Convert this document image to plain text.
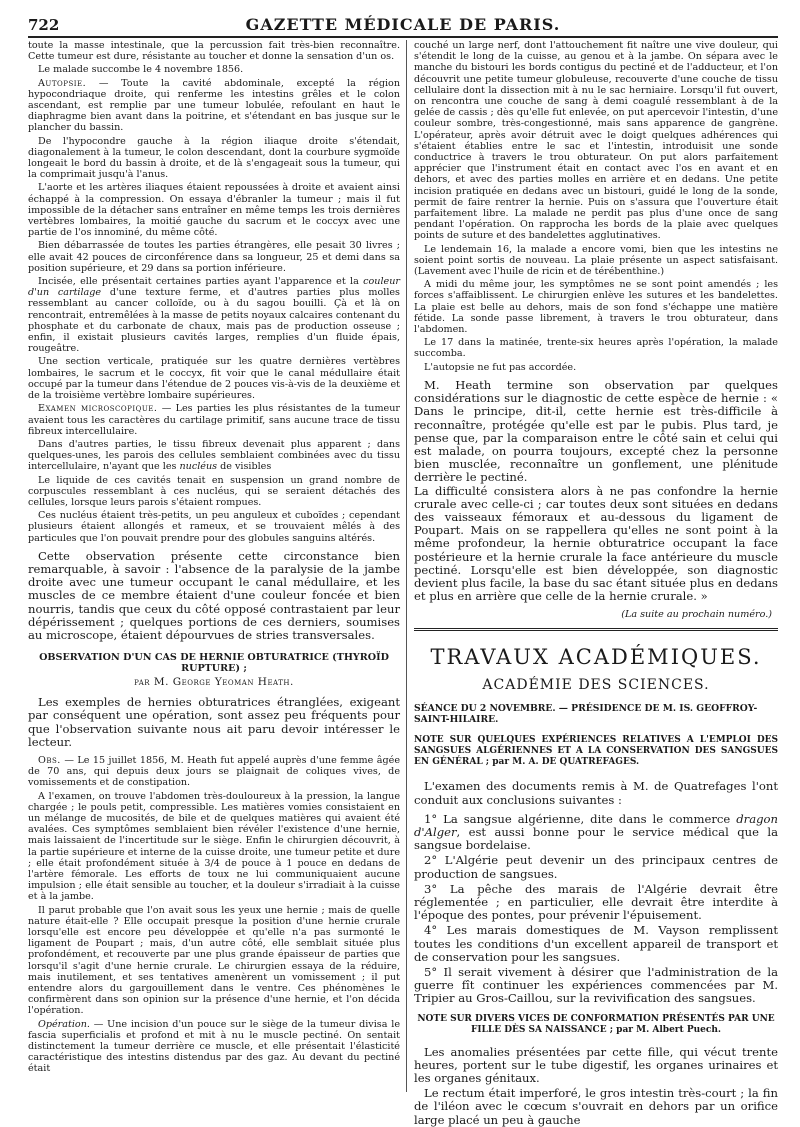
722	GAZETTE MÉDICALE DE PARIS.

toute la masse intestinale, que la percussion fait très-bien reconnaître. Cette tumeur est dure, résistante au toucher et donne la sensation d'un os.

Le malade succombe le 4 novembre 1856.

Autopsie. — Toute la cavité abdominale, excepté la région hypocondriaque droite, qui renferme les intestins grêles et le colon ascendant, est remplie par une tumeur lobulée, refoulant en haut le diaphragme bien avant dans la poitrine, et s'étendant en bas jusque sur le plancher du bassin.

De l'hypocondre gauche à la région iliaque droite s'étendait, diagonalement à la tumeur, le colon descendant, dont la courbure sygmoïde longeait le bord du bassin à droite, et de là s'engageait sous la tumeur, qui la comprimait jusqu'à l'anus.

L'aorte et les artères iliaques étaient repoussées à droite et avaient ainsi échappé à la compression. On essaya d'ébranler la tumeur ; mais il fut impossible de la détacher sans entraîner en même temps les trois dernières vertèbres lombaires, la moitié gauche du sacrum et le coccyx avec une partie de l'os innominé, du même côté.

Bien débarrassée de toutes les parties étrangères, elle pesait 30 livres ; elle avait 42 pouces de circonférence dans sa longueur, 25 et demi dans sa position supérieure, et 29 dans sa portion inférieure.

Incisée, elle présentait certaines parties ayant l'apparence et la couleur d'un cartilage d'une texture ferme, et d'autres parties plus molles ressemblant au cancer colloïde, ou à du sagou bouilli. Çà et là on rencontrait, entremêlées à la masse de petits noyaux calcaires contenant du phosphate et du carbonate de chaux, mais pas de production osseuse ; enfin, il existait plusieurs cavités larges, remplies d'un fluide épais, rougeâtre.

Une section verticale, pratiquée sur les quatre dernières vertèbres lombaires, le sacrum et le coccyx, fit voir que le canal médullaire était occupé par la tumeur dans l'étendue de 2 pouces vis-à-vis de la deuxième et de la troisième vertèbre lombaire supérieures.

Examen microscopique. — Les parties les plus résistantes de la tumeur avaient tous les caractères du cartilage primitif, sans aucune trace de tissu fibreux intercellulaire.

Dans d'autres parties, le tissu fibreux devenait plus apparent ; dans quelques-unes, les parois des cellules semblaient combinées avec du tissu intercellulaire, n'ayant que les nucléus de visibles

Le liquide de ces cavités tenait en suspension un grand nombre de corpuscules ressemblant à ces nucléus, qui se seraient détachés des cellules, lorsque leurs parois s'étaient rompues.

Ces nucléus étaient très-petits, un peu anguleux et cuboïdes ; cependant plusieurs étaient allongés et rameux, et se trouvaient mêlés à des particules que l'on pouvait prendre pour des globules sanguins altérés.

Cette observation présente cette circonstance bien remarquable, à savoir : l'absence de la paralysie de la jambe droite avec une tumeur occupant le canal médullaire, et les muscles de ce membre étaient d'une couleur foncée et bien nourris, tandis que ceux du côté opposé contrastaient par leur dépérissement ; quelques portions de ces derniers, soumises au microscope, étaient dépourvues de stries transversales.

OBSERVATION D'UN CAS DE HERNIE OBTURATRICE (THYROÏD RUPTURE) ;
par M. George Yeoman Heath.

Les exemples de hernies obturatrices étranglées, exigeant par conséquent une opération, sont assez peu fréquents pour que l'observation suivante nous ait paru devoir intéresser le lecteur.

Obs. — Le 15 juillet 1856, M. Heath fut appelé auprès d'une femme âgée de 70 ans, qui depuis deux jours se plaignait de coliques vives, de vomissements et de constipation.

A l'examen, on trouve l'abdomen très-douloureux à la pression, la langue chargée ; le pouls petit, compressible. Les matières vomies consistaient en un mélange de mucosités, de bile et de quelques matières qui avaient été avalées. Ces symptômes semblaient bien révéler l'existence d'une hernie, mais laissaient de l'incertitude sur le siège. Enfin le chirurgien découvrit, à la partie supérieure et interne de la cuisse droite, une tumeur petite et dure ; elle était profondément située à 3/4 de pouce à 1 pouce en dedans de l'artère fémorale. Les efforts de toux ne lui communiquaient aucune impulsion ; elle était sensible au toucher, et la douleur s'irradiait à la cuisse et à la jambe.

Il parut probable que l'on avait sous les yeux une hernie ; mais de quelle nature était-elle ? Elle occupait presque la position d'une hernie crurale lorsqu'elle est encore peu développée et qu'elle n'a pas surmonté le ligament de Poupart ; mais, d'un autre côté, elle semblait située plus profondément, et recouverte par une plus grande épaisseur de parties que lorsqu'il s'agit d'une hernie crurale. Le chirurgien essaya de la réduire, mais inutilement, et ses tentatives amenèrent un vomissement ; il put entendre alors du gargouillement dans le ventre. Ces phénomènes le confirmèrent dans son opinion sur la présence d'une hernie, et l'on décida l'opération.

Opération. — Une incision d'un pouce sur le siège de la tumeur divisa le fascia superficialis et profond et mit à nu le muscle pectiné. On sentait distinctement la tumeur derrière ce muscle, et elle présentait l'élasticité caractéristique des intestins distendus par des gaz. Au devant du pectiné était

couché un large nerf, dont l'attouchement fit naître une vive douleur, qui s'étendit le long de la cuisse, au genou et à la jambe. On sépara avec le manche du bistouri les bords contigus du pectiné et de l'adducteur, et l'on découvrit une petite tumeur globuleuse, recouverte d'une couche de tissu cellulaire dont la dissection mit à nu le sac herniaire. Lorsqu'il fut ouvert, on rencontra une couche de sang à demi coagulé ressemblant à de la gelée de cassis ; dès qu'elle fut enlevée, on put apercevoir l'intestin, d'une couleur sombre, très-congestionné, mais sans apparence de gangrène. L'opérateur, après avoir détruit avec le doigt quelques adhérences qui s'étaient établies entre le sac et l'intestin, introduisit une sonde conductrice à travers le trou obturateur. On put alors parfaitement apprécier que l'instrument était en contact avec l'os en avant et en dehors, et avec des parties molles en arrière et en dedans. Une petite incision pratiquée en dedans avec un bistouri, guidé le long de la sonde, permit de faire rentrer la hernie. Puis on s'assura que l'ouverture était parfaitement libre. La malade ne perdit pas plus d'une once de sang pendant l'opération. On rapprocha les bords de la plaie avec quelques points de suture et des bandelettes agglutinatives.

Le lendemain 16, la malade a encore vomi, bien que les intestins ne soient point sortis de nouveau. La plaie présente un aspect satisfaisant. (Lavement avec l'huile de ricin et de térébenthine.)

A midi du même jour, les symptômes ne se sont point amendés ; les forces s'affaiblissent. Le chirurgien enlève les sutures et les bandelettes. La plaie est belle au dehors, mais de son fond s'échappe une matière fétide. La sonde passe librement, à travers le trou obturateur, dans l'abdomen.

Le 17 dans la matinée, trente-six heures après l'opération, la malade succomba.

L'autopsie ne fut pas accordée.

M. Heath termine son observation par quelques considérations sur le diagnostic de cette espèce de hernie : « Dans le principe, dit-il, cette hernie est très-difficile à reconnaître, protégée qu'elle est par le pubis. Plus tard, je pense que, par la comparaison entre le côté sain et celui qui est malade, on pourra toujours, excepté chez la personne bien musclée, reconnaître un gonflement, une plénitude derrière le pectiné.

La difficulté consistera alors à ne pas confondre la hernie crurale avec celle-ci ; car toutes deux sont situées en dedans des vaisseaux fémoraux et au-dessous du ligament de Poupart. Mais on se rappellera qu'elles ne sont point à la même profondeur, la hernie obturatrice occupant la face postérieure et la hernie crurale la face antérieure du muscle pectiné. Lorsqu'elle est bien développée, son diagnostic devient plus facile, la base du sac étant située plus en dedans et plus en arrière que celle de la hernie crurale. »

(La suite au prochain numéro.)
TRAVAUX ACADÉMIQUES.
ACADÉMIE DES SCIENCES.
SÉANCE DU 2 NOVEMBRE. — PRÉSIDENCE DE M. IS. GEOFFROY-SAINT-HILAIRE.
NOTE SUR QUELQUES EXPÉRIENCES RELATIVES A L'EMPLOI DES SANGSUES ALGÉRIENNES ET A LA CONSERVATION DES SANGSUES EN GÉNÉRAL ; par M. A. DE QUATREFAGES.

L'examen des documents remis à M. de Quatrefages l'ont conduit aux conclusions suivantes :

1° La sangsue algérienne, dite dans le commerce dragon d'Alger, est aussi bonne pour le service médical que la sangsue bordelaise.

2° L'Algérie peut devenir un des principaux centres de production de sangsues.

3° La pêche des marais de l'Algérie devrait être réglementée ; en particulier, elle devrait être interdite à l'époque des pontes, pour prévenir l'épuisement.

4° Les marais domestiques de M. Vayson remplissent toutes les conditions d'un excellent appareil de transport et de conservation pour les sangsues.

5° Il serait vivement à désirer que l'administration de la guerre fît continuer les expériences commencées par M. Tripier au Gros-Caillou, sur la revivification des sangsues.

NOTE SUR DIVERS VICES DE CONFORMATION PRÉSENTÉS PAR UNE FILLE DÈS SA NAISSANCE ; par M. Albert Puech.

Les anomalies présentées par cette fille, qui vécut trente heures, portent sur le tube digestif, les organes urinaires et les organes génitaux.

Le rectum était imperforé, le gros intestin très-court ; la fin de l'iléon avec le cœcum s'ouvrait en dehors par un orifice large placé un peu à gauche
